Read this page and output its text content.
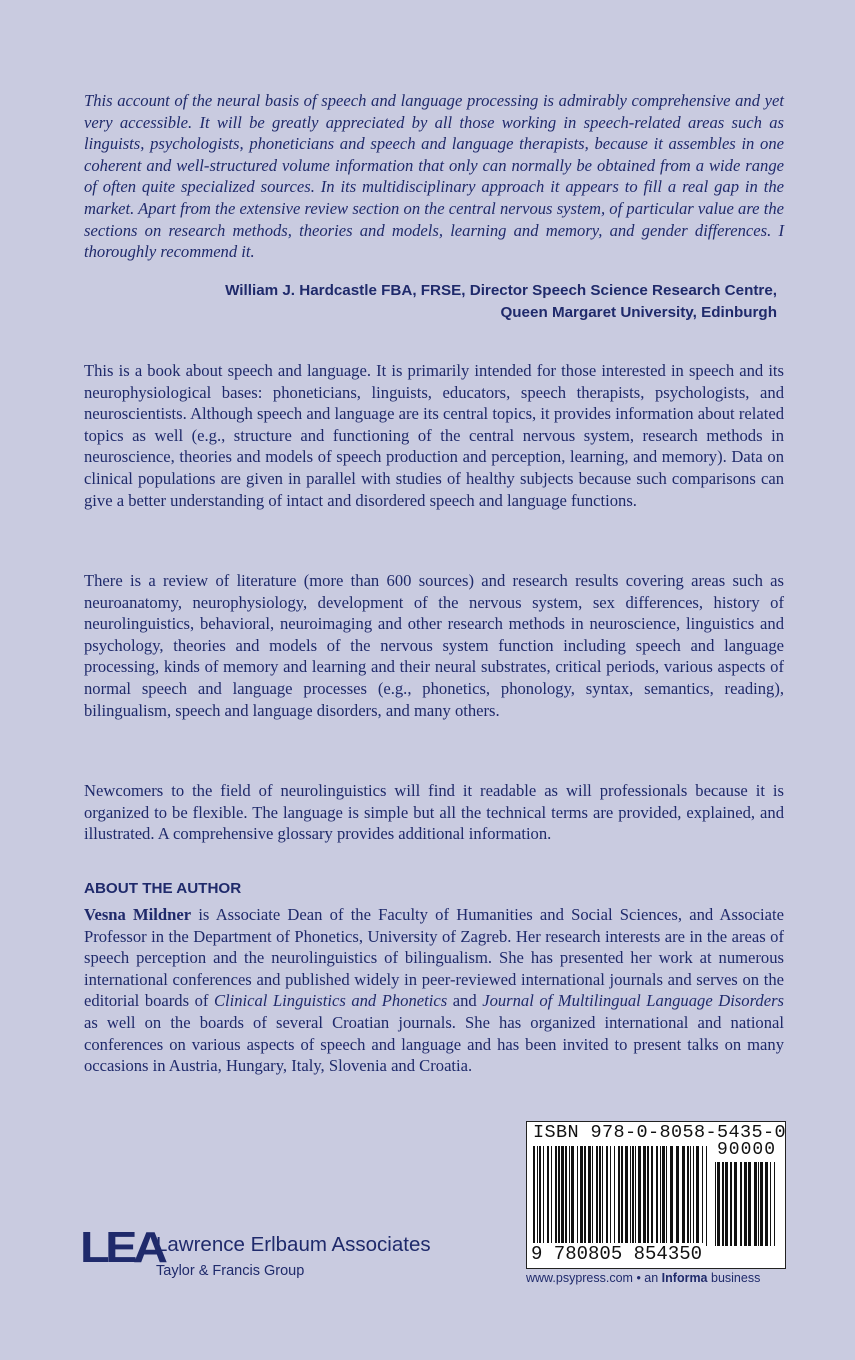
This account of the neural basis of speech and language processing is admirably comprehensive and yet very accessible. It will be greatly appreciated by all those working in speech-related areas such as linguists, psychologists, phoneticians and speech and language therapists, because it assembles in one coherent and well-structured volume information that only can normally be obtained from a wide range of often quite specialized sources. In its multidisciplinary approach it appears to fill a real gap in the market. Apart from the extensive review section on the central nervous system, of particular value are the sections on research methods, theories and models, learning and memory, and gender differences. I thoroughly recommend it.

William J. Hardcastle FBA, FRSE, Director Speech Science Research Centre,
Queen Margaret University, Edinburgh

This is a book about speech and language. It is primarily intended for those interested in speech and its neurophysiological bases: phoneticians, linguists, educators, speech therapists, psychologists, and neuroscientists. Although speech and language are its central topics, it provides information about related topics as well (e.g., structure and functioning of the central nervous system, research methods in neuroscience, theories and models of speech production and perception, learning, and memory). Data on clinical populations are given in parallel with studies of healthy subjects because such comparisons can give a better understanding of intact and disordered speech and language functions.

There is a review of literature (more than 600 sources) and research results covering areas such as neuroanatomy, neurophysiology, development of the nervous system, sex differences, history of neurolinguistics, behavioral, neuroimaging and other research methods in neuroscience, linguistics and psychology, theories and models of the nervous system function including speech and language processing, kinds of memory and learning and their neural substrates, critical periods, various aspects of normal speech and language processes (e.g., phonetics, phonology, syntax, semantics, reading), bilingualism, speech and language disorders, and many others.

Newcomers to the field of neurolinguistics will find it readable as will professionals because it is organized to be flexible. The language is simple but all the technical terms are provided, explained, and illustrated. A comprehensive glossary provides additional information.

ABOUT THE AUTHOR

Vesna Mildner is Associate Dean of the Faculty of Humanities and Social Sciences, and Associate Professor in the Department of Phonetics, University of Zagreb. Her research interests are in the areas of speech perception and the neurolinguistics of bilingualism. She has presented her work at numerous international conferences and published widely in peer-reviewed international journals and serves on the editorial boards of Clinical Linguistics and Phonetics and Journal of Multilingual Language Disorders as well on the boards of several Croatian journals. She has organized international and national conferences on various aspects of speech and language and has been invited to present talks on many occasions in Austria, Hungary, Italy, Slovenia and Croatia.

ISBN 978-0-8058-5435-0
90000
9 780805 854350
www.psypress.com • an Informa business
LEA
Lawrence Erlbaum Associates
Taylor & Francis Group
